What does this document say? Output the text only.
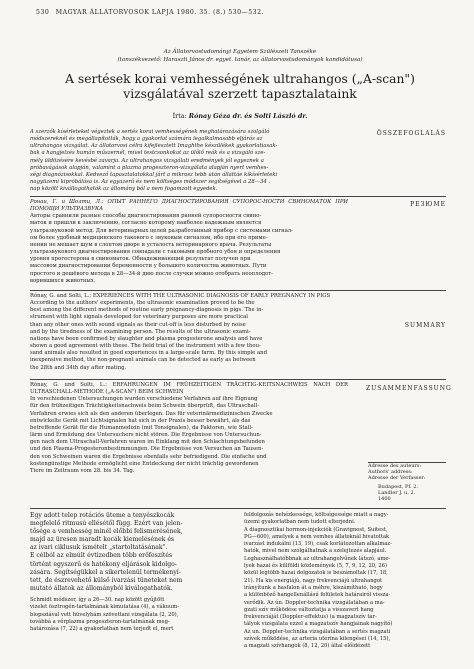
530 MAGYAR ÁLLATORVOSOK LAPJA 1980. 35. (8.) 530—532.
Az Állatorvostudományi Egyetem Szülészeti Tanszéke
(tanszékvezető: Haraszti János dr. egyet. tanár, az állatorvostudományok kandidátusa)
A sertések korai vemhességének ultrahangos („A-scan")
vizsgálatával szerzett tapasztalataink
Írta: Rónay Géza dr. és Solti László dr.
A szerzők kísérleteket végeztek a sertés korai vemhességének meghatározására szolgáló
módszereknél és megállapították, hogy a gyakorlat számára legalkalmasabb eljárás az
ultrahangos vizsgálat. Az állatorvosi célra kifejlesztett Imaghthe készülékek gyakorlatiasak-
bak a hangjelzés humán műszernél, mivel testcsonkokat az ülőlő reák és a vizsgáló sze-
mély üldözésére kevésbé zavarja. Az ultrahangos vizsgálati eredmények jól egyeznek a
próbavágások alapján, valamint a plazma progeszteron-vizsgálata alapján nyert vemhes-
ségi diagnózisokkal. Kedvező tapasztalatokkal járt a mikrosz tebb után állattáe kíkísérleteki
nagyüzemi kipróbálása is. Az egyazerű és nem költséges módszer segítségével a 28—34 .
nap között kivállogathatók az állomány ból a nem fogamzott egyedek.
ÖSSZEFOGLALÁS
Ронаи, Г. и Шолти, Л.: ОПЫТ РАННЕГО ДИАГНОСТИРОВАНИЯ СУПОРОС-НОСТИ СВИНОМАТОК ПРИ ПОМОЩИ УЛЬТРАЗВУКА
Авторы сравнили разные способы диагностирования ранней супоросности свино-
маток и пришли к заключению, согласно которому наиболее надежным является
ультразвуковой метод. Для ветеринарных целей разработанный прибор с системами сигнал-
ом более удобный медицинского такового с звуковым сигналом, ибо при его приме-
нении не мешает шум в слоптом дворе и усталость ветеринарного врача. Результаты
ультразвукового диагностирования совпадали с таковыми пробного убоя и определения
уровня прогестерона в свиноматок. Обнадеживающий результат получен при
массовом диагностировании беременности у большого количества животных. Пути
простого и дешёвого метода в 28—34-й дню после случки можно отобрать неоплодот-
ворившихся животных.
РЕЗЮМЕ
Rónay, G. and Solti, L.: EXPERIENCES WITH THE ULTRASONIC DIAGNOSIS OF EARLY PREGNANCY IN PIGS
According to the authors' experiments, the ultrasonic examination proved to be the
best among the different methods of routine early pregnancy-diagnosis in pigs. The in-
strument with light signals developed for veterinary purposes are more practical
than any other ones with sound signals as their cut-off is less disturbed by noise
and by the tiredness of the examining person. The results of the ultrasonic exami-
nations have been confirmed by slaughter and plasma progesterone analysis and have
shown a good agreement with these. The field trial of the instrument with a few thou-
sand animals also resulted in good experiences in a large-scale farm. By this simple and
inexpensive method, the non-pregnant animals can be detected as early as between
the 28th and 34th day after mating.
SUMMARY
Rónay, G. und Solti, L.: ERFAHRUNGEN IM FRÜHZEITIGEN TRÄCHTIG-KEITSNACHWEIS NACH DER ULTRASCHALL-METHODE („A-SCAN") BEIM SCHWEIN
In verschiedenen Untersuchungen wurden verschiedene Verfahren auf ihre Eignung
für den frühzeitigen Trächtigkeitsnachweis beim Schwein überprüft, das Ultraschall-
Verfahren erwies sich als den anderen überlegen. Das für veterinärmedizinischen Zwecke
entwickelte Gerät mit Lichtsignalen hat sich in der Praxis besser bewährt, als das
betreffende Gerät für die Humanmedizin (mit Tonsignalen), da Faktoren, wie Stall-
lärm und Ermüdung des Untersuchers nicht stören. Die Ergebnisse von Untersuchun-
gen nach dem Ultraschall-Verfahren waren im Einklang mit den Schlachtungsbefunden
und den Plasma-Progesteronbestimmungen. Die Ergebnisse von Versuchen an Tausen-
den von Schweinen waren die Ergebnisse ebenfalls sehr befriedigend. Die einfache und
kostengünstige Methode ermöglicht eine Entdeckung der nicht trächtig gewordenen
Tiere im Zeitraum vom 28. bis 34. Tag.
ZUSAMMENFASSUNG
Adresse des auteurs:
Authors' address:
Adresse der Verfasser:
Budapest, Pf. 2.
Landler J. u. 2.
1400

Egy adott telep rotációs üteme a tenyészkocák

megfelelő ritmusú ellésétől függ. Ezért van jelen-

tősége a vemhesség minél előbbi felismerésének,

majd az üresen maradt kocák kiemelésének és

az ivari ciklusuk ismételt „startoltatásának".

E célból az elmúlt évtizedben több erőfeszítés

történt egyszerű és hatékony eljárások kidolgo-

zására. Segítségükkel a sikertelenül termékenyí-

tett, de észrevehető külső ivarzási tüneteket nem

mutató állatok az állományból kiválogathatók.

Schmidt módszer, így a 26—30. nap között gyűjtött

vizelet ösztrogén-tartalmának kimutatása (4), a vákuum-

biopsziával vett hüvelyhám szövettani vizsgálata (2, 20),

továbbá a vérplazma progeszteron-tartalmának meg-

határozása (7, 22) a gyakorlatban nem terjedt el, mert

feldolgozás nehézkessége, költségessége miatt a nagy-

üzemi gyakorlatban nem tudott elterjedni.

A diagnosztikai hormon-injekciók (Gravignost, Suitest,

PG—600), amelyek a nem vemhes állatoknál hivatottak

ivarzást indukálni (13, 19), csak korlátozottan alkalmaz-

hatók, mivel nem szolgálhatnak a szelejtezés alapjául.

Leghasználhatóbbnak az ultrahangelvűnek látszó, ame-

lyek hazai és külföldi közlemények (5, 7, 9, 12, 20, 26)

közül legtöbb hazai dolgozatok is beszámoltak (17, 18,

21). Ha kis energiájú, nagy frekvenciájú ultrahangot

irányítunk a hasfalon át a méhre, kiszámítható, hogy

a különböző hangellenállású felületek határairól vissza-

verődik. Az ún. Doppler-technika vizsgálatában a ma-

gzati szív működése változtatja a visszavert hang

frekvenciáját (Doppler-effektus) (a magzatszív tar-

tályok vizsgálata ezzel a magzatszív hangjainak nagyító)

Az un. Doppler-technika vizsgálatában a sertés magzati

szívek működése, az arteria uterina kilengései (14, 15),

a magzati szívhangok (8, 12, 20) által előidézett
